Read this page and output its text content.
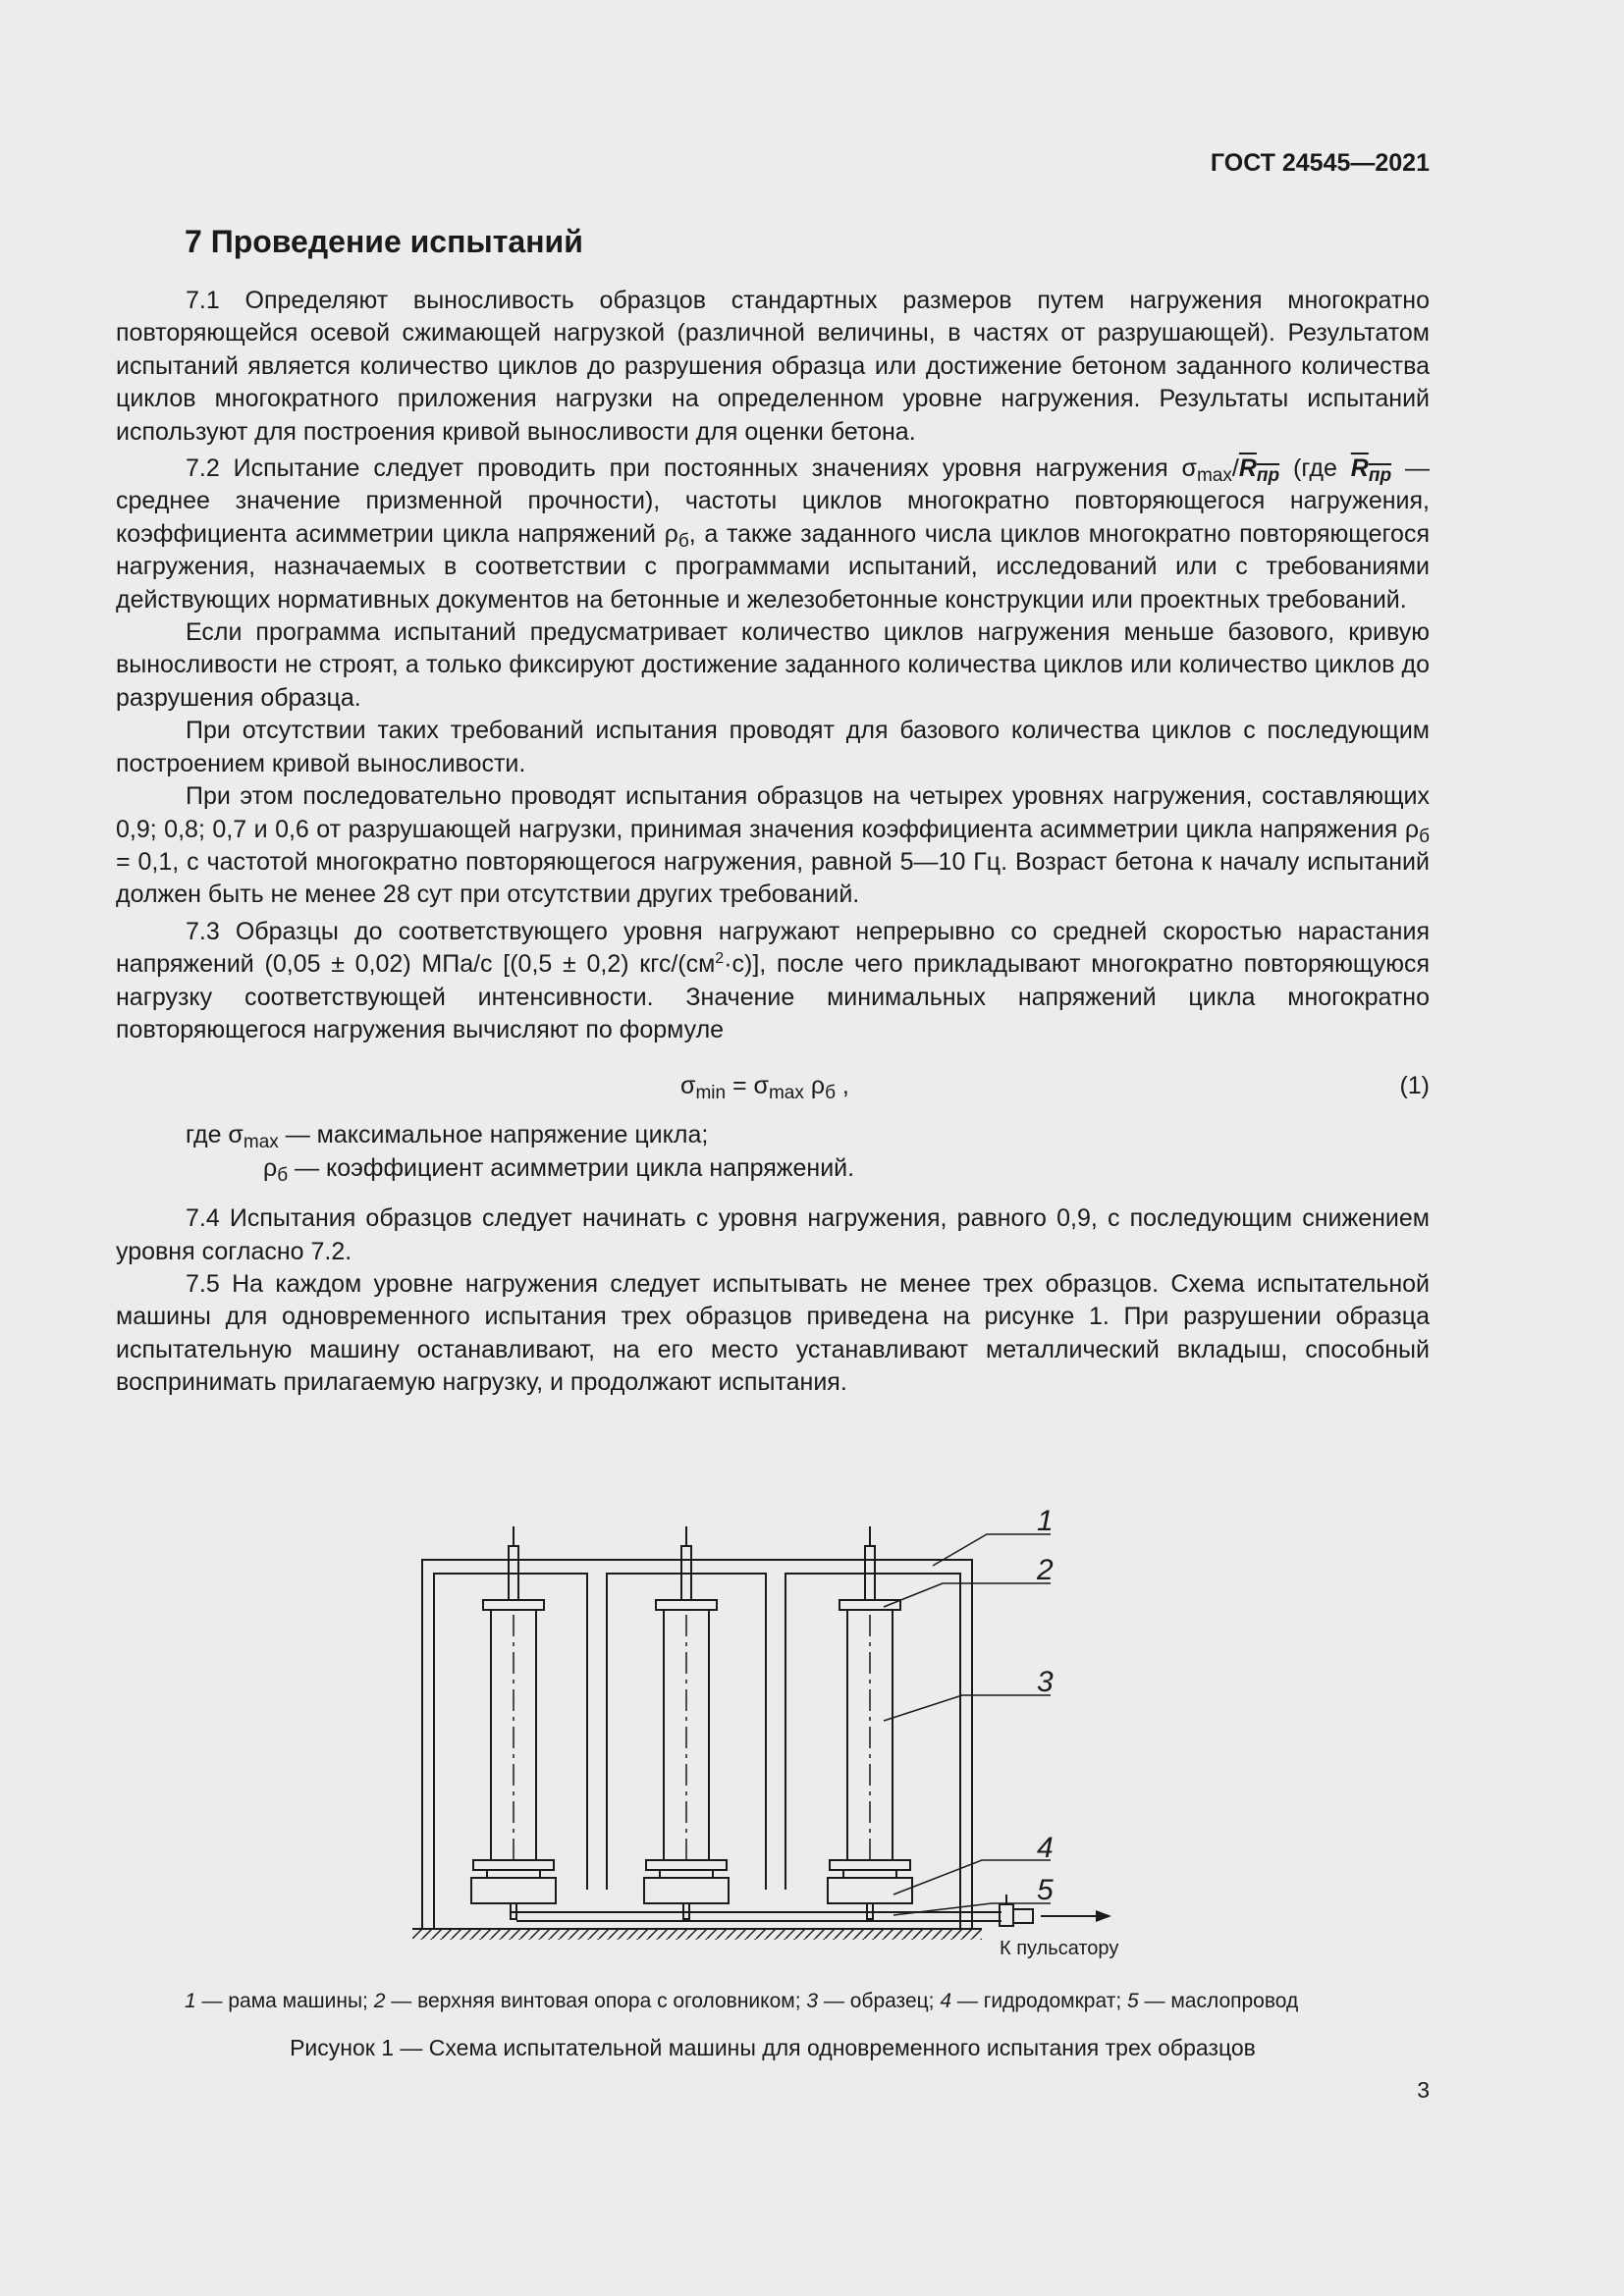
ГОСТ 24545—2021
7 Проведение испытаний

7.1 Определяют выносливость образцов стандартных размеров путем нагружения многократно повторяющейся осевой сжимающей нагрузкой (различной величины, в частях от разрушающей). Результатом испытаний является количество циклов до разрушения образца или достижение бетоном заданного количества циклов многократного приложения нагрузки на определенном уровне нагружения. Результаты испытаний используют для построения кривой выносливости для оценки бетона.

7.2 Испытание следует проводить при постоянных значениях уровня нагружения $\sigma_{max}/R_{пр}$ (где $R_{пр}$ — среднее значение призменной прочности), частоты циклов многократно повторяющегося нагружения, коэффициента асимметрии цикла напряжений $\rho_б$, а также заданного числа циклов многократно повторяющегося нагружения, назначаемых в соответствии с программами испытаний, исследований или с требованиями действующих нормативных документов на бетонные и железобетонные конструкции или проектных требований.

Если программа испытаний предусматривает количество циклов нагружения меньше базового, кривую выносливости не строят, а только фиксируют достижение заданного количества циклов или количество циклов до разрушения образца.

При отсутствии таких требований испытания проводят для базового количества циклов с последующим построением кривой выносливости.

При этом последовательно проводят испытания образцов на четырех уровнях нагружения, составляющих 0,9; 0,8; 0,7 и 0,6 от разрушающей нагрузки, принимая значения коэффициента асимметрии цикла напряжения $\rho_б = 0,1$, с частотой многократно повторяющегося нагружения, равной 5—10 Гц. Возраст бетона к началу испытаний должен быть не менее 28 сут при отсутствии других требований.

7.3 Образцы до соответствующего уровня нагружают непрерывно со средней скоростью нарастания напряжений (0,05 ± 0,02) МПа/с [(0,5 ± 0,2) кгс/$(см^2\cdot с)$], после чего прикладывают многократно повторяющуюся нагрузку соответствующей интенсивности. Значение минимальных напряжений цикла многократно повторяющегося нагружения вычисляют по формуле

$\sigma_{min} = \sigma_{max}$ $\rho_б$ ,	(1)

где $\sigma_{max}$ — максимальное напряжение цикла;

$\rho_б$ — коэффициент асимметрии цикла напряжений.

7.4 Испытания образцов следует начинать с уровня нагружения, равного 0,9, с последующим снижением уровня согласно 7.2.

7.5 На каждом уровне нагружения следует испытывать не менее трех образцов. Схема испытательной машины для одновременного испытания трех образцов приведена на рисунке 1. При разрушении образца испытательную машину останавливают, на его место устанавливают металлический вкладыш, способный воспринимать прилагаемую нагрузку, и продолжают испытания.

1
2
3
4
5
К пульсатору
1 — рама машины; 2 — верхняя винтовая опора с оголовником; 3 — образец; 4 — гидродомкрат; 5 — маслопровод
Рисунок 1 — Схема испытательной машины для одновременного испытания трех образцов
3
